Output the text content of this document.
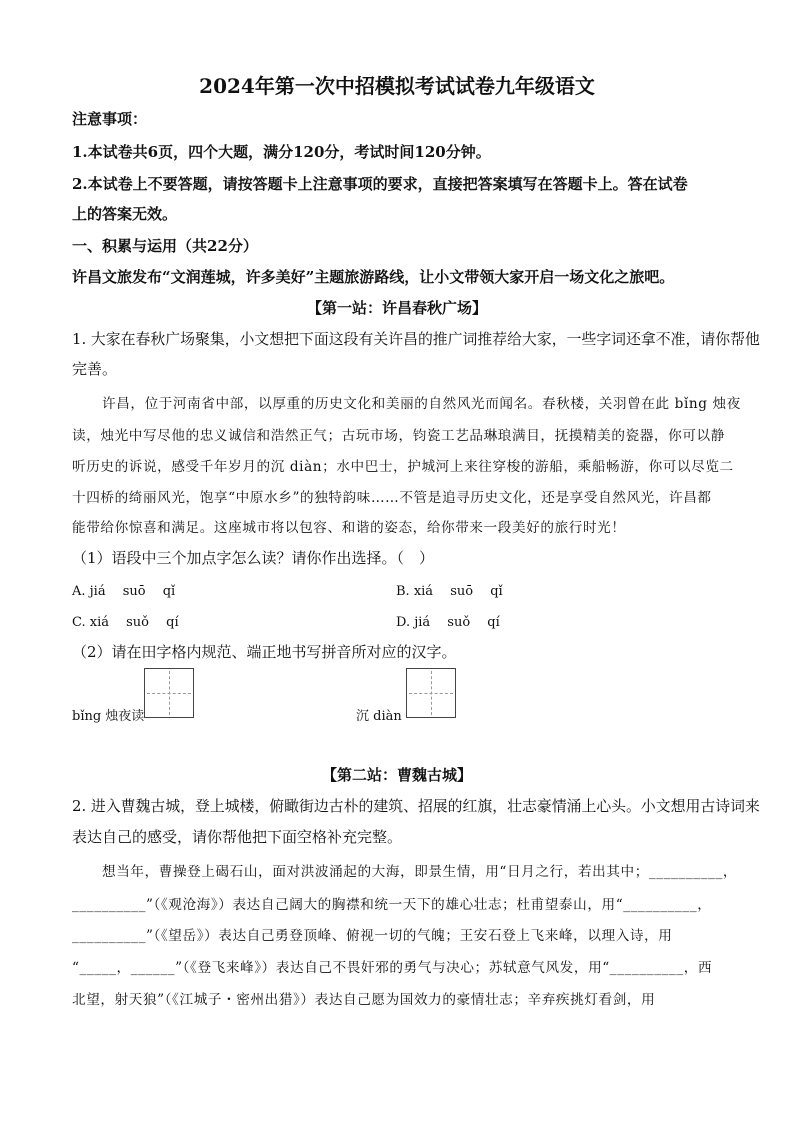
2024年第一次中招模拟考试试卷九年级语文
注意事项：
1.本试卷共6页，四个大题，满分120分，考试时间120分钟。
2.本试卷上不要答题，请按答题卡上注意事项的要求，直接把答案填写在答题卡上。答在试卷
上的答案无效。
一、积累与运用（共22分）
许昌文旅发布“文润莲城，许多美好”主题旅游路线，让小文带领大家开启一场文化之旅吧。
【第一站：许昌春秋广场】
1. 大家在春秋广场聚集，小文想把下面这段有关许昌的推广词推荐给大家，一些字词还拿不准，请你帮他
完善。
许昌，位于河南省中部，以厚重的历史文化和美丽的自然风光而闻名。春秋楼，关羽曾在此 bǐng 烛夜
读，烛光中写尽他的忠义诚信和浩然正气；古玩市场，钧瓷工艺品琳琅满目，抚摸精美的瓷器，你可以静
听历史的诉说，感受千年岁月的沉 diàn；水中巴士，护城河上来往穿梭的游船，乘船畅游，你可以尽览二
十四桥的绮丽风光，饱享“中原水乡”的独特韵味……不管是追寻历史文化，还是享受自然风光，许昌都
能带给你惊喜和满足。这座城市将以包容、和谐的姿态，给你带来一段美好的旅行时光！
（1）语段中三个加点字怎么读？请你作出选择。（　）
A. jiá　 suō　 qǐ	B. xiá　 suō　 qǐ
C. xiá　 suǒ　 qí	D. jiá　 suǒ　 qí
（2）请在田字格内规范、端正地书写拼音所对应的汉字。
bǐng 烛夜读	沉 diàn
【第二站：曹魏古城】
2. 进入曹魏古城，登上城楼，俯瞰街边古朴的建筑、招展的红旗，壮志豪情涌上心头。小文想用古诗词来
表达自己的感受，请你帮他把下面空格补充完整。
想当年，曹操登上碣石山，面对洪波涌起的大海，即景生情，用“日月之行，若出其中；__________，
__________”（《观沧海》）表达自己阔大的胸襟和统一天下的雄心壮志；杜甫望泰山，用“__________，
__________”（《望岳》）表达自己勇登顶峰、俯视一切的气魄；王安石登上飞来峰，以理入诗，用
“_____，______”（《登飞来峰》）表达自己不畏奸邪的勇气与决心；苏轼意气风发，用“__________，西
北望，射天狼”（《江城子・密州出猎》）表达自己愿为国效力的豪情壮志；辛弃疾挑灯看剑，用
